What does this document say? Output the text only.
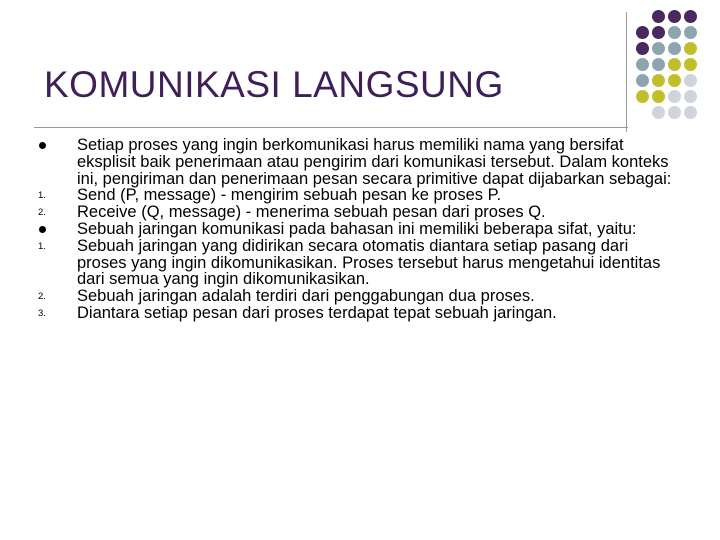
KOMUNIKASI LANGSUNG
Setiap proses yang ingin berkomunikasi harus memiliki nama yang bersifat eksplisit baik penerimaan atau pengirim dari komunikasi tersebut. Dalam konteks ini, pengiriman dan penerimaan pesan secara primitive dapat dijabarkan sebagai:
1.	Send (P, message) - mengirim sebuah pesan ke proses P.
2.	Receive (Q, message) - menerima sebuah pesan dari proses Q.
Sebuah jaringan komunikasi pada bahasan ini memiliki beberapa sifat, yaitu:
1.	Sebuah jaringan yang didirikan secara otomatis diantara setiap pasang dari proses yang ingin dikomunikasikan. Proses tersebut harus mengetahui identitas dari semua yang ingin dikomunikasikan.
2.	Sebuah jaringan adalah terdiri dari penggabungan dua proses.
3.	Diantara setiap pesan dari proses terdapat tepat sebuah jaringan.
